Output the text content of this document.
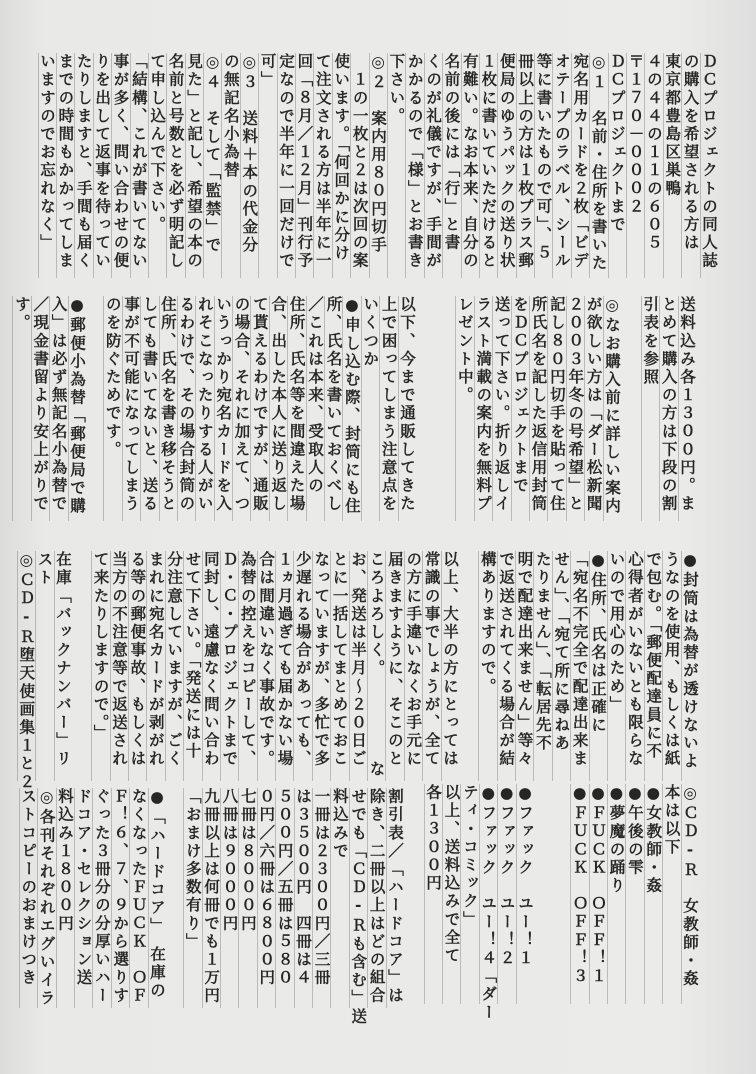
ＤＣプロジェクトの同人誌
の購入を希望される方は
東京都豊島区巣鴨
４の４４の１１の６０５
〒１７０－０００２
ＤＣプロジェクトまで
◎１　名前・住所を書いた
宛名用カードを２枚「ビデ
オテープのラベル、シール
等に書いたもので可」、５
冊以上の方は１枚プラス郵
便局のゆうパックの送り状
１枚に書いていただけると
有難い。なお本来、自分の
名前の後には「行」と書
くのが礼儀ですが、手間が
かかるので「様」とお書き
下さい。
◎２　案内用８０円切手
　１の一枚と２は次回の案
使います。「何回かに分け
て注文される方は半年に一
回「８月／１２月」刊行予
定なので半年に一回だけで
可」
◎３　送料＋本の代金分
の無記名小為替
◎４　そして「監禁」で
見た」と記し、希望の本の
名前と号数とを必ず明記し
て申し込んで下さい。
「結構、これが書いてない
事が多く、問い合わせの便
りを出して返事を待ってい
たりしますと、手間も届く
までの時間もかかってしま
いますのでお忘れなく」
送料込み各１３００円。ま
とめて購入の方は下段の割
引表を参照
◎なお購入前に詳しい案内
が欲しい方は「ダー松新聞
２００３年冬の号希望」と
記し８０円切手を貼って住
所氏名を記した返信用封筒
をＤＣプロジェクトまで
送って下さい。折り返しイ
ラスト満載の案内を無料プ
レゼント中。
以下、今まで通販してきた
上で困ってしまう注意点を
いくつか
●申し込む際、封筒にも住
所、氏名を書いておくべし
／これは本来、受取人の
住所、氏名等を間違えた場
合、出した本人に送り返し
て貰えるわけですが、通販
の場合、それに加えて、つ
いうっかり宛名カードを入
れそこなったりする人がい
るわけで、その場合封筒の
住所、氏名を書き移そうと
しても書いてないと、送る
事が不可能になってしまう
のを防ぐためです。
●郵便小為替「郵便局で購
入」は必ず無記名小為替で
／現金書留より安上がりで
す。
●封筒は為替が透けないよ
うなのを使用、もしくは紙
で包む。「郵便配達員に不
心得者がいないとも限らな
いので用心のため」
●住所、氏名は正確に
「宛名不完全で配達出来ま
せん」、「宛て所に尋ねあ
たりません」、「転居先不
明で配達出来ません」等々
で返送されてくる場合が結
構ありますので。
以上、大半の方にとっては
常識の事でしょうが、全て
の方に手違いなくお手元に
届きますように、そこのと
ころよろしく。　　　　　な
お、発送は半月～２０日ご
とに一括してまとめておこ
なっていますが、多忙で多
少遅れる場合があっても、
１ヵ月過ぎても届かない場
合は間違いなく事故です。
為替の控えをコピーして、
Ｄ・Ｃ・プロジェクトまで
同封し、遠慮なく問い合わ
せて下さい。「発送には十
分注意していますが、ごく
まれに宛名カードが剥がれ
る等の郵便事故、もしくは
当方の不注意等で返送され
て来たりしますので。」
在庫「バックナンバー」リ
スト
◎ＣＤ‐Ｒ堕天使画集１と２
◎ＣＤ‐Ｒ　女教師・姦
本は以下
●女教師・姦
●午後の雫
●夢魔の踊り
●ＦＵＣＫ　ＯＦＦ！１
●ＦＵＣＫ　ＯＦＦ！３
●ファック　ユー！１
●ファック　ユー！２
●ファック　ユー！４「ダー
ティ・コミック」
以上、送料込みで全て
各１３００円
割引表／「ハードコア」は
除き、二冊以上はどの組合
せでも「ＣＤ‐Ｒも含む」送
料込みで
一冊は２３００円／三冊
は３５００円　四冊は４
５００円／五冊は５８０
０円／六冊は６８００円
七冊は８０００円
八冊は９０００円
九冊以上は何冊でも１万円
「おまけ多数有り」
●「ハードコア」　在庫の
なくなったＦＵＣＫ　ＯＦ
Ｆ！６、７、９から選りす
ぐった３冊分の分厚いハー
ドコア・セレクション送
料込み１８００円
◎各刊それぞれエグいイラ
ストコピーのおまけつき
